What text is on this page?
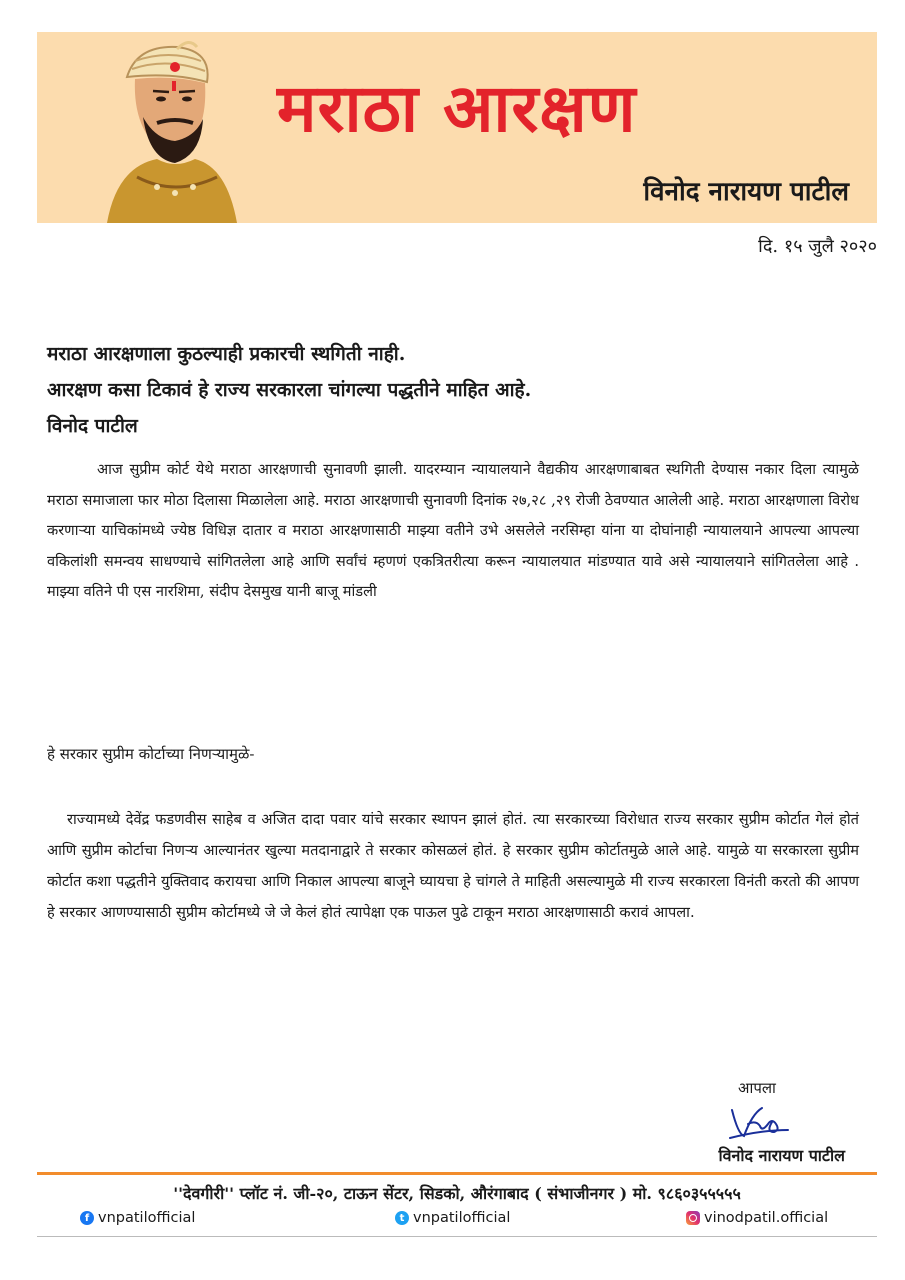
मराठा आरक्षण
विनोद नारायण पाटील
दि. १५ जुलै २०२०
मराठा आरक्षणाला कुठल्याही प्रकारची स्थगिती नाही.
आरक्षण कसा टिकावं हे राज्य सरकारला चांगल्या पद्धतीने माहित आहे.
विनोद पाटील
आज सुप्रीम कोर्ट येथे मराठा आरक्षणाची सुनावणी झाली. यादरम्यान न्यायालयाने वैद्यकीय आरक्षणाबाबत स्थगिती देण्यास नकार दिला त्यामुळे मराठा समाजाला फार मोठा दिलासा मिळालेला आहे. मराठा आरक्षणाची सुनावणी दिनांक २७,२८ ,२९ रोजी ठेवण्यात आलेली आहे. मराठा आरक्षणाला विरोध करणाऱ्या याचिकांमध्ये ज्येष्ठ विधिज्ञ दातार व मराठा आरक्षणासाठी माझ्या वतीने उभे असलेले नरसिम्हा यांना या दोघांनाही न्यायालयाने आपल्या आपल्या वकिलांशी समन्वय साधण्याचे सांगितलेला आहे आणि सर्वांचं म्हणणं एकत्रितरीत्या करून न्यायालयात मांडण्यात यावे असे न्यायालयाने सांगितलेला आहे . माझ्या वतिने पी एस नारशिमा, संदीप देसमुख यानी बाजू मांडली
हे सरकार सुप्रीम कोर्टाच्या निणऱ्यामुळे-
राज्यामध्ये देवेंद्र फडणवीस साहेब व अजित दादा पवार यांचे सरकार स्थापन झालं होतं. त्या सरकारच्या विरोधात राज्य सरकार सुप्रीम कोर्टात गेलं होतं आणि सुप्रीम कोर्टाचा निणऱ्य आल्यानंतर खुल्या मतदानाद्वारे ते सरकार कोसळलं होतं. हे सरकार सुप्रीम कोर्टातमुळे आले आहे. यामुळे या सरकारला सुप्रीम कोर्टात कशा पद्धतीने युक्तिवाद करायचा आणि निकाल आपल्या बाजूने घ्यायचा हे चांगले ते माहिती असल्यामुळे मी राज्य सरकारला विनंती करतो की आपण हे सरकार आणण्यासाठी सुप्रीम कोर्टामध्ये जे जे केलं होतं त्यापेक्षा एक पाऊल पुढे टाकून मराठा आरक्षणासाठी करावं आपला.
आपला
विनोद नारायण पाटील
''देवगीरी'' प्लॉट नं. जी-२०, टाऊन सेंटर, सिडको, औरंगाबाद ( संभाजीनगर ) मो. ९८६०३५५५५५
f vnpatilofficial	t vnpatilofficial	vinodpatil.official
